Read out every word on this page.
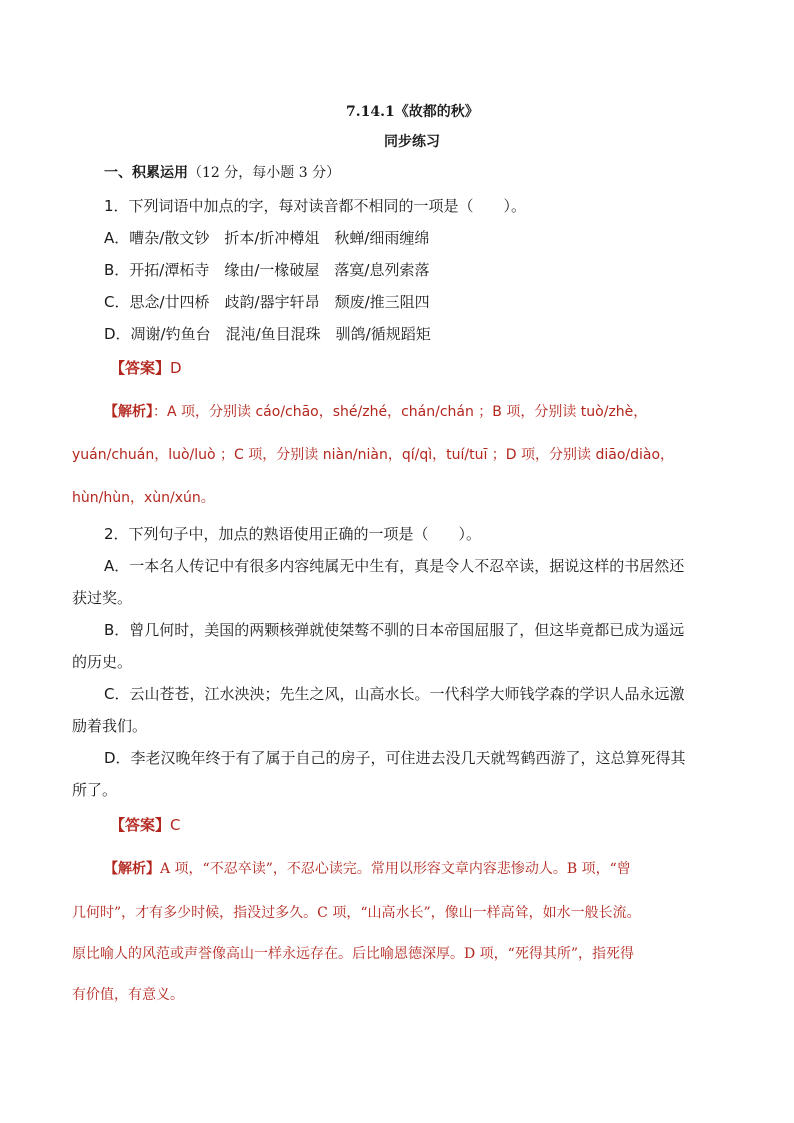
7.14.1《故都的秋》
同步练习
一、积累运用（12 分，每小题 3 分）
1．下列词语中加点的字，每对读音都不相同的一项是（　　）。
A．嘈杂/散文钞　折本/折冲樽俎　秋蝉/细雨缠绵
B．开拓/潭柘寺　缘由/一椽破屋　落寞/息列索落
C．思念/廿四桥　歧韵/器宇轩昂　颓废/推三阻四
D．凋谢/钓鱼台　混沌/鱼目混珠　驯鸽/循规蹈矩
【答案】D
【解析】：A 项，分别读 cáo/chāo，shé/zhé，chán/chán ；B 项，分别读 tuò/zhè，
yuán/chuán，luò/luò ；C 项，分别读 niàn/niàn，qí/qì，tuí/tuī ；D 项，分别读 diāo/diào，
hùn/hùn，xùn/xún。
2．下列句子中，加点的熟语使用正确的一项是（　　）。
A．一本名人传记中有很多内容纯属无中生有，真是令人不忍卒读，据说这样的书居然还
获过奖。
B．曾几何时，美国的两颗核弹就使桀骜不驯的日本帝国屈服了，但这毕竟都已成为遥远
的历史。
C．云山苍苍，江水泱泱；先生之风，山高水长。一代科学大师钱学森的学识人品永远激
励着我们。
D．李老汉晚年终于有了属于自己的房子，可住进去没几天就驾鹤西游了，这总算死得其
所了。
【答案】C
【解析】A 项，“不忍卒读”，不忍心读完。常用以形容文章内容悲惨动人。B 项，“曾
几何时”，才有多少时候，指没过多久。C 项，“山高水长”，像山一样高耸，如水一般长流。
原比喻人的风范或声誉像高山一样永远存在。后比喻恩德深厚。D 项，“死得其所”，指死得
有价值，有意义。
